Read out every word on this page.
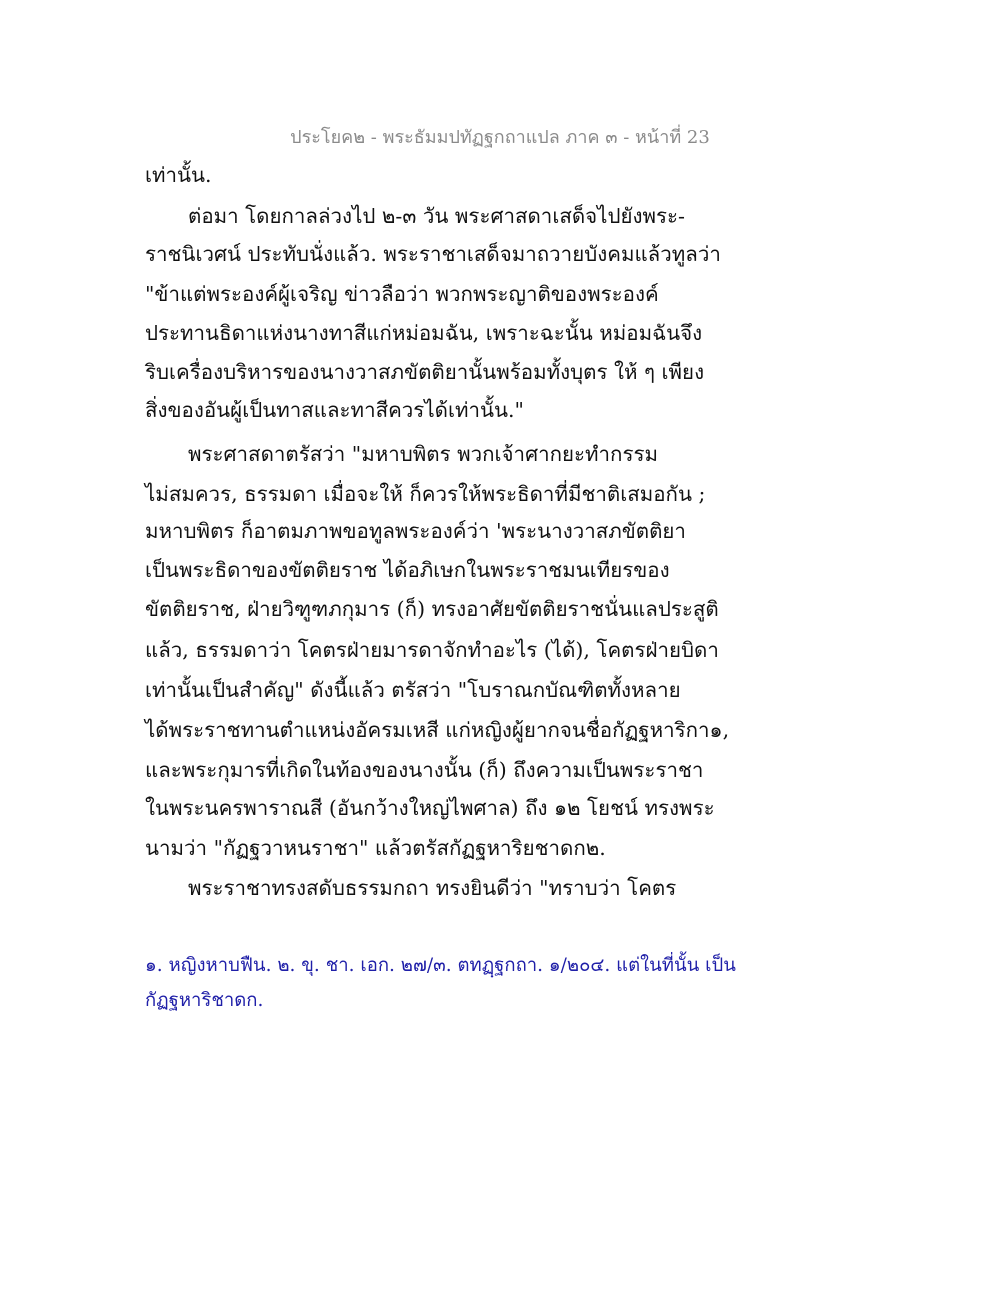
ประโยค๒ - พระธัมมปทัฏฐกถาแปล ภาค ๓ - หน้าที่ 23
เท่านั้น.
ต่อมา โดยกาลล่วงไป ๒-๓ วัน พระศาสดาเสด็จไปยังพระ-
ราชนิเวศน์ ประทับนั่งแล้ว. พระราชาเสด็จมาถวายบังคมแล้วทูลว่า
"ข้าแต่พระองค์ผู้เจริญ ข่าวลือว่า พวกพระญาติของพระองค์
ประทานธิดาแห่งนางทาสีแก่หม่อมฉัน, เพราะฉะนั้น หม่อมฉันจึง
ริบเครื่องบริหารของนางวาสภขัตติยานั้นพร้อมทั้งบุตร ให้ ๆ เพียง
สิ่งของอันผู้เป็นทาสและทาสีควรได้เท่านั้น."
พระศาสดาตรัสว่า "มหาบพิตร พวกเจ้าศากยะทำกรรม
ไม่สมควร, ธรรมดา เมื่อจะให้ ก็ควรให้พระธิดาที่มีชาติเสมอกัน ;
มหาบพิตร ก็อาตมภาพขอทูลพระองค์ว่า 'พระนางวาสภขัตติยา
เป็นพระธิดาของขัตติยราช ได้อภิเษกในพระราชมนเทียรของ
ขัตติยราช, ฝ่ายวิฑูฑภกุมาร (ก็) ทรงอาศัยขัตติยราชนั่นแลประสูติ
แล้ว, ธรรมดาว่า โคตรฝ่ายมารดาจักทำอะไร (ได้), โคตรฝ่ายบิดา
เท่านั้นเป็นสำคัญ" ดังนี้แล้ว ตรัสว่า "โบราณกบัณฑิตทั้งหลาย
ได้พระราชทานตำแหน่งอัครมเหสี แก่หญิงผู้ยากจนชื่อกัฏฐหาริกา๑,
และพระกุมารที่เกิดในท้องของนางนั้น (ก็) ถึงความเป็นพระราชา
ในพระนครพาราณสี (อันกว้างใหญ่ไพศาล) ถึง ๑๒ โยชน์ ทรงพระ
นามว่า "กัฏฐวาหนราชา" แล้วตรัสกัฏฐหาริยชาดก๒.
พระราชาทรงสดับธรรมกถา ทรงยินดีว่า "ทราบว่า โคตร
๑. หญิงหาบฟืน. ๒. ขุ. ชา. เอก. ๒๗/๓. ตทฏฺฐกถา. ๑/๒๐๔. แต่ในที่นั้น เป็น
กัฏฐหาริชาดก.
